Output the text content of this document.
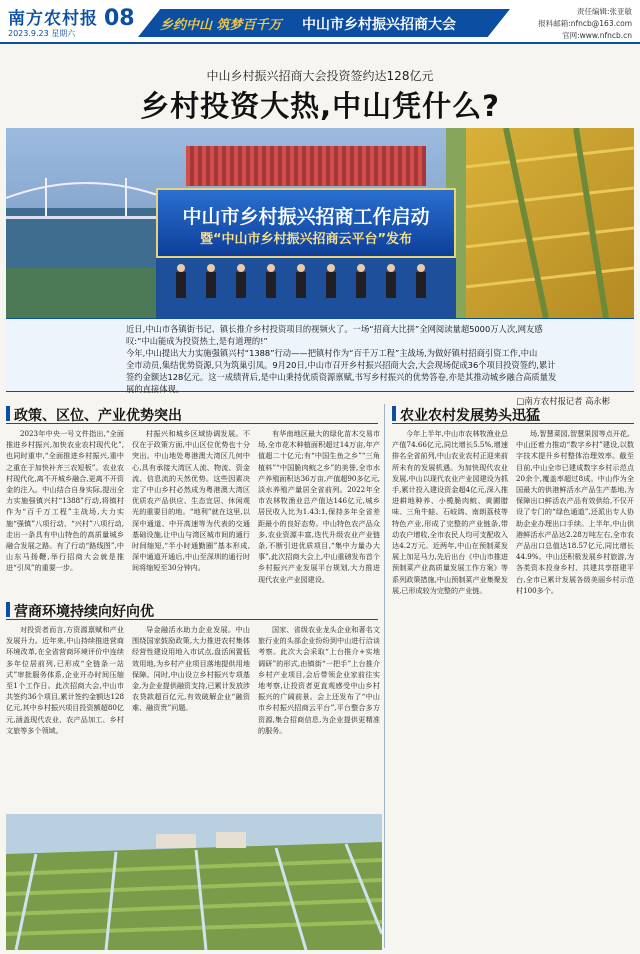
南方农村报
2023.9.23 星期六
08 乡约中山 筑梦百千万 中山市乡村振兴招商大会
责任编辑:张亚敏
报料邮箱:nfncb@163.com
官网:www.nfncb.cn
中山乡村振兴招商大会投资签约达128亿元
乡村投资大热,中山凭什么?
中山市乡村振兴招商工作启动
暨“中山市乡村振兴招商云平台”发布
近日,中山市各镇街书记、镇长推介乡村投资项目的视频火了。一场“招商大比拼”全网阅读量超5000万人次,网友感
叹:“中山能成为投资热土,是有道理的!”
今年,中山提出大力实施强镇兴村“1388”行动——把镇村作为“百千万工程”主战场,为做好镇村招商引资工作,中山
全市动员,集结优势资源,只为筑巢引凤。9月20日,中山市召开乡村振兴招商大会,大会现场促成36个项目投资签约,累计
签约金额达128亿元。这一成绩背后,是中山秉持优质资源禀赋,书写乡村振兴的优势答卷,亦是其推动城乡融合高质量发
展的直接体现。
□南方农村报记者 高永彬
政策、区位、产业优势突出

2023年中央一号文件指出,“全面推进乡村振兴,加快农业农村现代化”,也同时重申,“全面推进乡村振兴,重中之重在于加快补齐三农短板”。农业农村现代化,离不开城乡融合,更离不开资金的注入。中山结合自身实际,提出全力实施强镇兴村“1388”行动,将镇村作为“百千万工程”主战场,大力实施“强镇”八项行动、“兴村”八项行动,走出一条具有中山特色的高质量城乡融合发展之路。有了行动“路线图”,中山东马扬鞭,举行招商大会就是推进“引凤”的重要一步。

村振兴和城乡区域协调发展。不仅在于政策方面,中山区位优势也十分突出。中山地处粤港澳大湾区几何中心,具有承接大湾区人流、物流、资金流、信息流的天然优势。这些因素决定了中山乡村必然成为粤港澳大湾区优质农产品供应、生态宜居、休闲观光的重要目的地。“地利”就在这里,以深中通道、中开高速等为代表的交通基础设施,让中山与湾区城市间的通行时间缩短,“半小时通勤圈”基本形成,深中通道开通后,中山至深圳的通行时间将缩短至30分钟内。

有华南地区最大的绿化苗木交易市场,全市花木种植面积超过14万亩,年产值超二十亿元;有“中国生鱼之乡”“三角植料”“中国脆肉鲩之乡”的美誉,全市水产养殖面积达36万亩,产值超90多亿元,淡水养殖产量居全省前列。2022年全市农林牧渔业总产值达146亿元,城乡居民收入比为1.43:1,保持多年全省差距最小的良好态势。中山特色农产品众多,农业资源丰富,迭代升级农业产业链条,不断引进优质项目,“集中力量办大事”,此次招商大会上,中山重磅发布首个乡村振兴产业发展平台规划,大力推进现代农业产业园建设。

营商环境持续向好向优

对投资者而言,方资源禀赋和产业发展升力。近年来,中山持续推进营商环境改革,在全省营商环境评价中连续多年位居前列,已形成“全链条一站式”审批服务体系,企业开办时间压缩至1个工作日。此次招商大会,中山市共签约36个项目,累计签约金额达128亿元,其中乡村振兴项目投资额超80亿元,涵盖现代农业、农产品加工、乡村文旅等多个领域。

导金融活水助力企业发展。中山围绕国家鼓励政策,大力推进农村集体经营性建设用地入市试点,盘活闲置低效用地,为乡村产业项目落地提供用地保障。同时,中山设立乡村振兴专项基金,为企业提供融资支持,已累计发放涉农贷款超百亿元,有效破解企业“融资难、融资贵”问题。

国家、省级农业龙头企业和著名文旅行业的头部企业纷纷到中山进行洽谈考察。此次大会采取“上台推介+实地调研”的形式,由镇街“一把手”上台推介乡村产业项目,会后带领企业家前往实地考察,让投资者更直观感受中山乡村振兴的广阔前景。会上还发布了“中山市乡村振兴招商云平台”,平台整合多方资源,集合招商信息,为企业提供更精准的服务。

农业农村发展势头迅猛

今年上半年,中山市农林牧渔业总产值74.66亿元,同比增长5.5%,增速排名全省前列,中山农业农村正迎来前所未有的发展机遇。为加快现代农业发展,中山以现代农业产业园建设为抓手,累计投入建设资金超4亿元,深入推进耕地种养、小榄脆肉鲩、黄圃腊味、三角牛蛙、石岐鸽、南朗荔枝等特色产业,形成了完整的产业链条,带动农户增收,全市农民人均可支配收入达4.2万元。近两年,中山在预制菜发展上加足马力,先后出台《中山市推进预制菜产业高质量发展工作方案》等系列政策措施,中山预制菜产业集聚发展,已形成较为完整的产业链。

场,智慧菜园,智慧果园等点开花。中山还着力推动“数字乡村”建设,以数字技术提升乡村整体治理效率。截至目前,中山全市已建成数字乡村示范点20余个,覆盖率超过8成。中山作为全国最大的供港鲜活水产品生产基地,为保障出口鲜活农产品有效供给,不仅开设了专门的“绿色通道”,还派出专人协助企业办理出口手续。上半年,中山供港鲜活水产品达2.28万吨左右,全市农产品出口总值达18.57亿元,同比增长44.9%。中山还积极发展乡村旅游,为各类资本投身乡村、共建共享搭建平台,全市已累计发展各级美丽乡村示范村100多个。
